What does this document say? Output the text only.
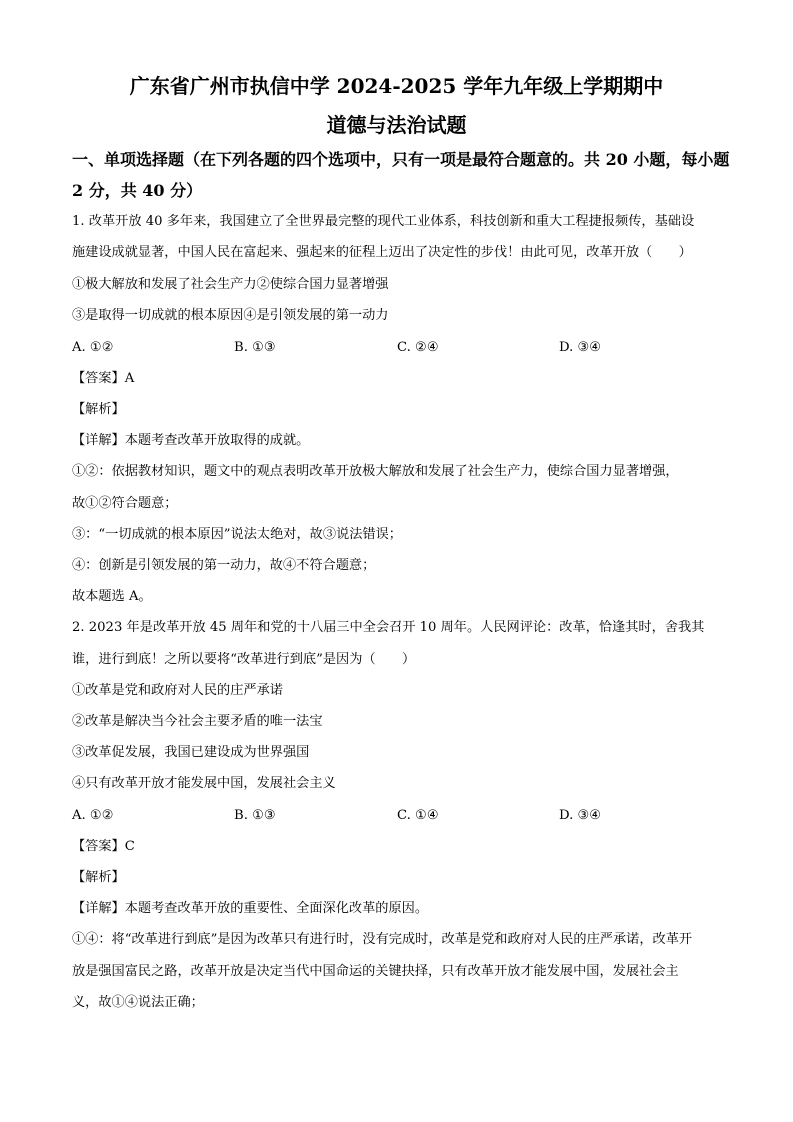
广东省广州市执信中学 2024-2025 学年九年级上学期期中
道德与法治试题
一、单项选择题（在下列各题的四个选项中，只有一项是最符合题意的。共 20 小题，每小题
2 分，共 40 分）
1. 改革开放 40 多年来，我国建立了全世界最完整的现代工业体系，科技创新和重大工程捷报频传，基础设
施建设成就显著，中国人民在富起来、强起来的征程上迈出了决定性的步伐！由此可见，改革开放（　　）
①极大解放和发展了社会生产力②使综合国力显著增强
③是取得一切成就的根本原因④是引领发展的第一动力
A. ①②	B. ①③	C. ②④	D. ③④
【答案】A
【解析】
【详解】本题考查改革开放取得的成就。
①②：依据教材知识，题文中的观点表明改革开放极大解放和发展了社会生产力，使综合国力显著增强，
故①②符合题意；
③：“一切成就的根本原因”说法太绝对，故③说法错误；
④：创新是引领发展的第一动力，故④不符合题意；
故本题选 A。
2. 2023 年是改革开放 45 周年和党的十八届三中全会召开 10 周年。人民网评论：改革，恰逢其时，舍我其
谁，进行到底！之所以要将“改革进行到底”是因为（　　）
①改革是党和政府对人民的庄严承诺
②改革是解决当今社会主要矛盾的唯一法宝
③改革促发展，我国已建设成为世界强国
④只有改革开放才能发展中国，发展社会主义
A. ①②	B. ①③	C. ①④	D. ③④
【答案】C
【解析】
【详解】本题考查改革开放的重要性、全面深化改革的原因。
①④：将“改革进行到底”是因为改革只有进行时，没有完成时，改革是党和政府对人民的庄严承诺，改革开
放是强国富民之路，改革开放是决定当代中国命运的关键抉择，只有改革开放才能发展中国，发展社会主
义，故①④说法正确；
